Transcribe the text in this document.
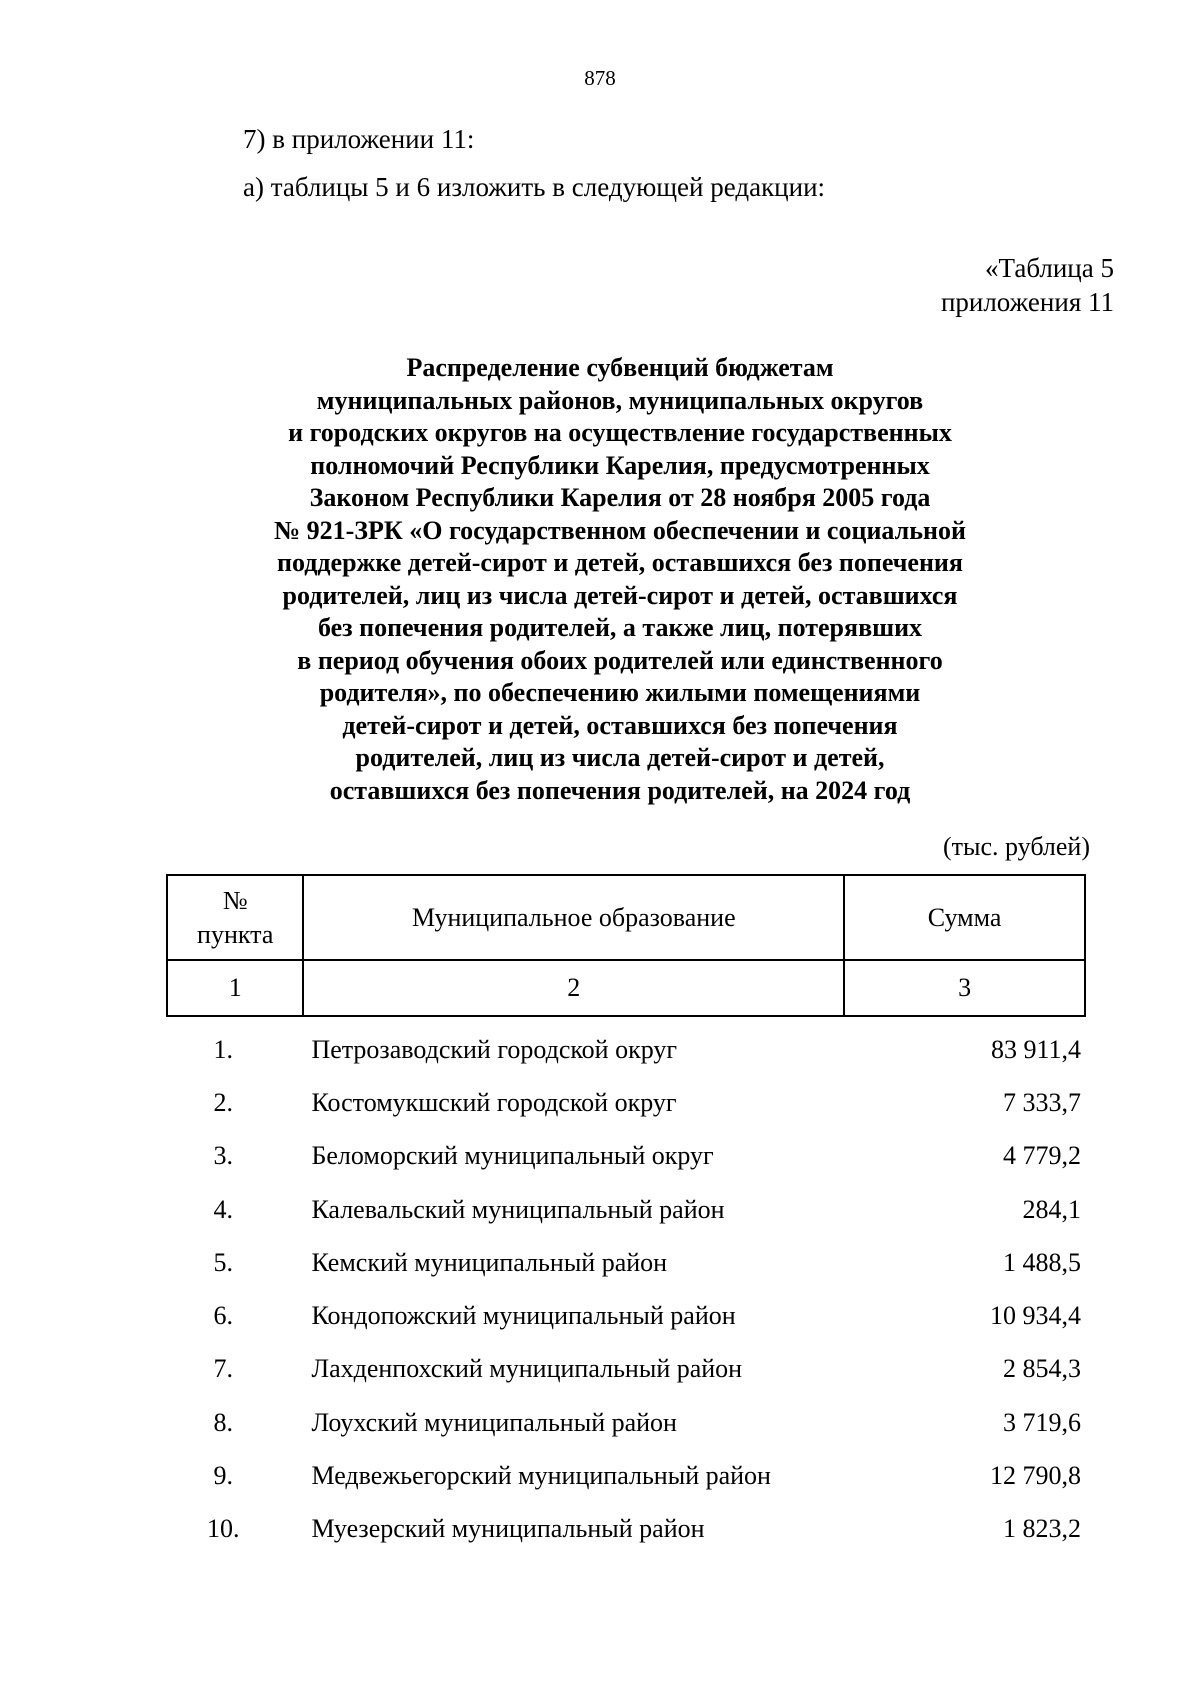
878
7) в приложении 11:
а) таблицы 5 и 6 изложить в следующей редакции:
«Таблица 5
приложения 11
Распределение субвенций бюджетам
муниципальных районов, муниципальных округов
и городских округов на осуществление государственных
полномочий Республики Карелия, предусмотренных
Законом Республики Карелия от 28 ноября 2005 года
№ 921-ЗРК «О государственном обеспечении и социальной
поддержке детей-сирот и детей, оставшихся без попечения
родителей, лиц из числа детей-сирот и детей, оставшихся
без попечения родителей, а также лиц, потерявших
в период обучения обоих родителей или единственного
родителя», по обеспечению жилыми помещениями
детей-сирот и детей, оставшихся без попечения
родителей, лиц из числа детей-сирот и детей,
оставшихся без попечения родителей, на 2024 год
(тыс. рублей)
№
пункта	Муниципальное образование	Сумма
1	2	3
1.	Петрозаводский городской округ	83 911,4
2.	Костомукшский городской округ	7 333,7
3.	Беломорский муниципальный округ	4 779,2
4.	Калевальский муниципальный район	284,1
5.	Кемский муниципальный район	1 488,5
6.	Кондопожский муниципальный район	10 934,4
7.	Лахденпохский муниципальный район	2 854,3
8.	Лоухский муниципальный район	3 719,6
9.	Медвежьегорский муниципальный район	12 790,8
10.	Муезерский муниципальный район	1 823,2
